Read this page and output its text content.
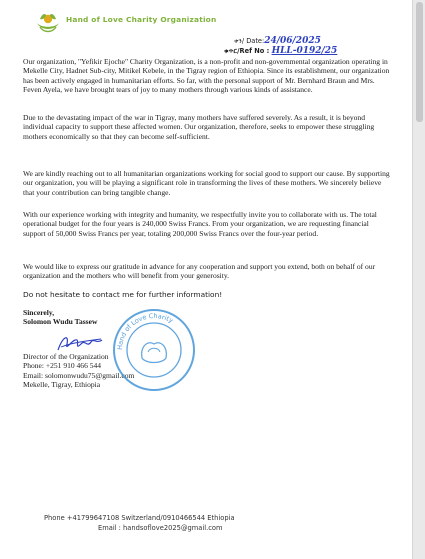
Hand of Love Charity Organization
ቀን/ Date:24/06/2025
ቁጥር/Ref No : HLL-0192/25
Our organization, "Yefikir Ejoche" Charity Organization, is a non-profit and non-governmental organization operating in Mekelle City, Hadnet Sub-city, Mitikel Kebele, in the Tigray region of Ethiopia. Since its establishment, our organization has been actively engaged in humanitarian efforts. So far, with the personal support of Mr. Bernhard Braun and Mrs. Feven Ayela, we have brought tears of joy to many mothers through various kinds of assistance.
Due to the devastating impact of the war in Tigray, many mothers have suffered severely. As a result, it is beyond individual capacity to support these affected women. Our organization, therefore, seeks to empower these struggling mothers economically so that they can become self-sufficient.
We are kindly reaching out to all humanitarian organizations working for social good to support our cause. By supporting our organization, you will be playing a significant role in transforming the lives of these mothers. We sincerely believe that your contribution can bring tangible change.
With our experience working with integrity and humanity, we respectfully invite you to collaborate with us. The total operational budget for the four years is 240,000 Swiss Francs. From your organization, we are requesting financial support of 50,000 Swiss Francs per year, totaling 200,000 Swiss Francs over the four-year period.
We would like to express our gratitude in advance for any cooperation and support you extend, both on behalf of our organization and the mothers who will benefit from your generosity.
Do not hesitate to contact me for further information!
Sincerely,
Solomon Wudu Tassew
Director of the Organization
Phone: +251 910 466 544
Email: solomonwudu75@gmail.com
Mekelle, Tigray, Ethiopia
Hand of Love Charity
Phone +41799647108 Switzerland/0910466544 Ethiopia
Email : handsoflove2025@gmail.com
